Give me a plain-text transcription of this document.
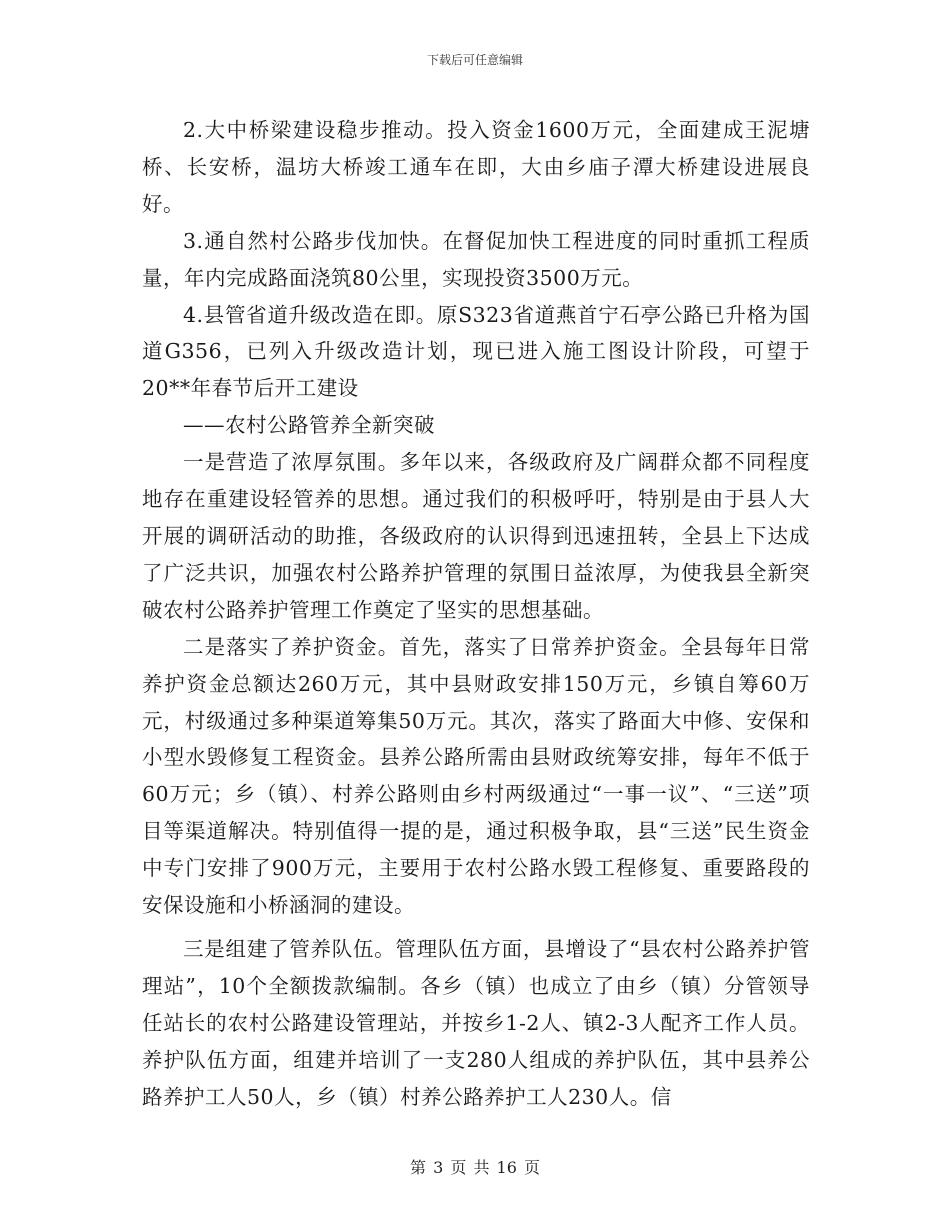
下载后可任意编辑

2.大中桥梁建设稳步推动。投入资金1600万元，全面建成王泥塘桥、长安桥，温坊大桥竣工通车在即，大由乡庙子潭大桥建设进展良好。

3.通自然村公路步伐加快。在督促加快工程进度的同时重抓工程质量，年内完成路面浇筑80公里，实现投资3500万元。

4.县管省道升级改造在即。原S323省道燕首宁石亭公路已升格为国道G356，已列入升级改造计划，现已进入施工图设计阶段，可望于20**年春节后开工建设

——农村公路管养全新突破

一是营造了浓厚氛围。多年以来，各级政府及广阔群众都不同程度地存在重建设轻管养的思想。通过我们的积极呼吁，特别是由于县人大开展的调研活动的助推，各级政府的认识得到迅速扭转，全县上下达成了广泛共识，加强农村公路养护管理的氛围日益浓厚，为使我县全新突破农村公路养护管理工作奠定了坚实的思想基础。

二是落实了养护资金。首先，落实了日常养护资金。全县每年日常养护资金总额达260万元，其中县财政安排150万元，乡镇自筹60万元，村级通过多种渠道筹集50万元。其次，落实了路面大中修、安保和小型水毁修复工程资金。县养公路所需由县财政统筹安排，每年不低于60万元；乡（镇）、村养公路则由乡村两级通过“一事一议”、“三送”项目等渠道解决。特别值得一提的是，通过积极争取，县“三送”民生资金中专门安排了900万元，主要用于农村公路水毁工程修复、重要路段的安保设施和小桥涵洞的建设。

三是组建了管养队伍。管理队伍方面，县增设了“县农村公路养护管理站”，10个全额拨款编制。各乡（镇）也成立了由乡（镇）分管领导任站长的农村公路建设管理站，并按乡1-2人、镇2-3人配齐工作人员。养护队伍方面，组建并培训了一支280人组成的养护队伍，其中县养公路养护工人50人，乡（镇）村养公路养护工人230人。信

第 3 页 共 16 页
